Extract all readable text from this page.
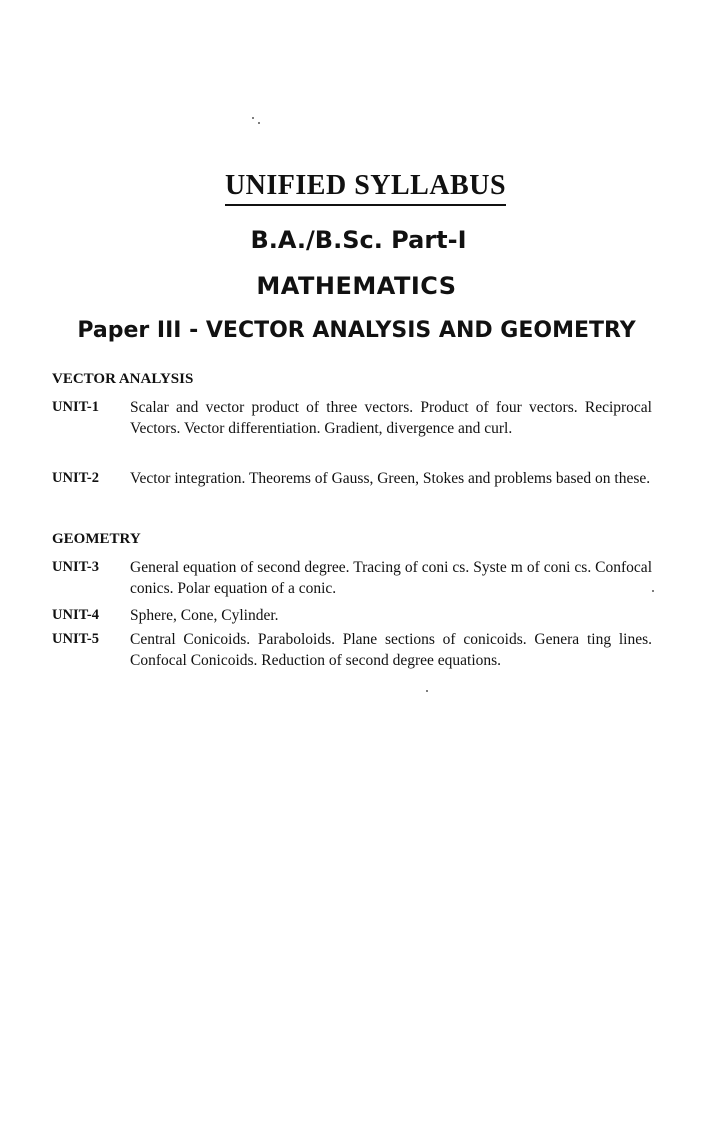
UNIFIED SYLLABUS
B.A./B.Sc. Part-I
MATHEMATICS
Paper III - VECTOR ANALYSIS AND GEOMETRY
VECTOR ANALYSIS
UNIT-1 Scalar and vector product of three vectors. Product of four vectors. Reciprocal Vectors. Vector differentiation. Gradient, divergence and curl.
UNIT-2 Vector integration. Theorems of Gauss, Green, Stokes and problems based on these.
GEOMETRY
UNIT-3 General equation of second degree. Tracing of coni cs. Syste m of coni cs. Confocal conics. Polar equation of a conic.
UNIT-4 Sphere, Cone, Cylinder.
UNIT-5 Central Conicoids. Paraboloids. Plane sections of conicoids. Genera ting lines. Confocal Conicoids. Reduction of second degree equations.
